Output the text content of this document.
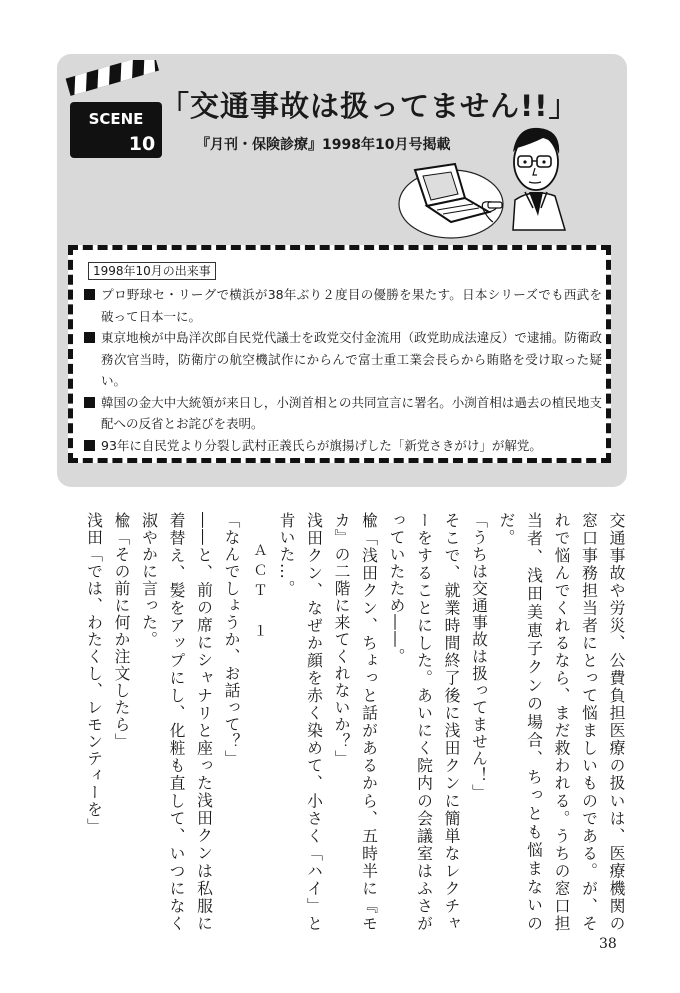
SCENE
10
「交通事故は扱ってません!!」
『月刊・保険診療』1998年10月号掲載
1998年10月の出来事
プロ野球セ・リーグで横浜が38年ぶり２度目の優勝を果たす。日本シリーズでも西武を破って日本一に。
東京地検が中島洋次郎自民党代議士を政党交付金流用（政党助成法違反）で逮捕。防衛政務次官当時，防衛庁の航空機試作にからんで富士重工業会長らから賄賂を受け取った疑い。
韓国の金大中大統領が来日し，小渕首相との共同宣言に署名。小渕首相は過去の植民地支配への反省とお詫びを表明。
93年に自民党より分裂し武村正義氏らが旗揚げした「新党さきがけ」が解党。

交通事故や労災、公費負担医療の扱いは、医療機関の窓口事務担当者にとって悩ましいものである。が、それで悩んでくれるなら、まだ救われる。うちの窓口担当者、浅田美恵子クンの場合、ちっとも悩まないのだ。

「うちは交通事故は扱ってません！」

そこで、就業時間終了後に浅田クンに簡単なレクチャーをすることにした。あいにく院内の会議室はふさがっていたため――。

楡「浅田クン、ちょっと話があるから、五時半に『モカ』の二階に来てくれないか？」

浅田クン、なぜか顔を赤く染めて、小さく「ハイ」と肯いた…。

ＡＣＴ　１

「なんでしょうか、お話って？」

――と、前の席にシャナリと座った浅田クンは私服に着替え、髪をアップにし、化粧も直して、いつになく淑やかに言った。

楡「その前に何か注文したら」

浅田「では、わたくし、レモンティーを」

38
